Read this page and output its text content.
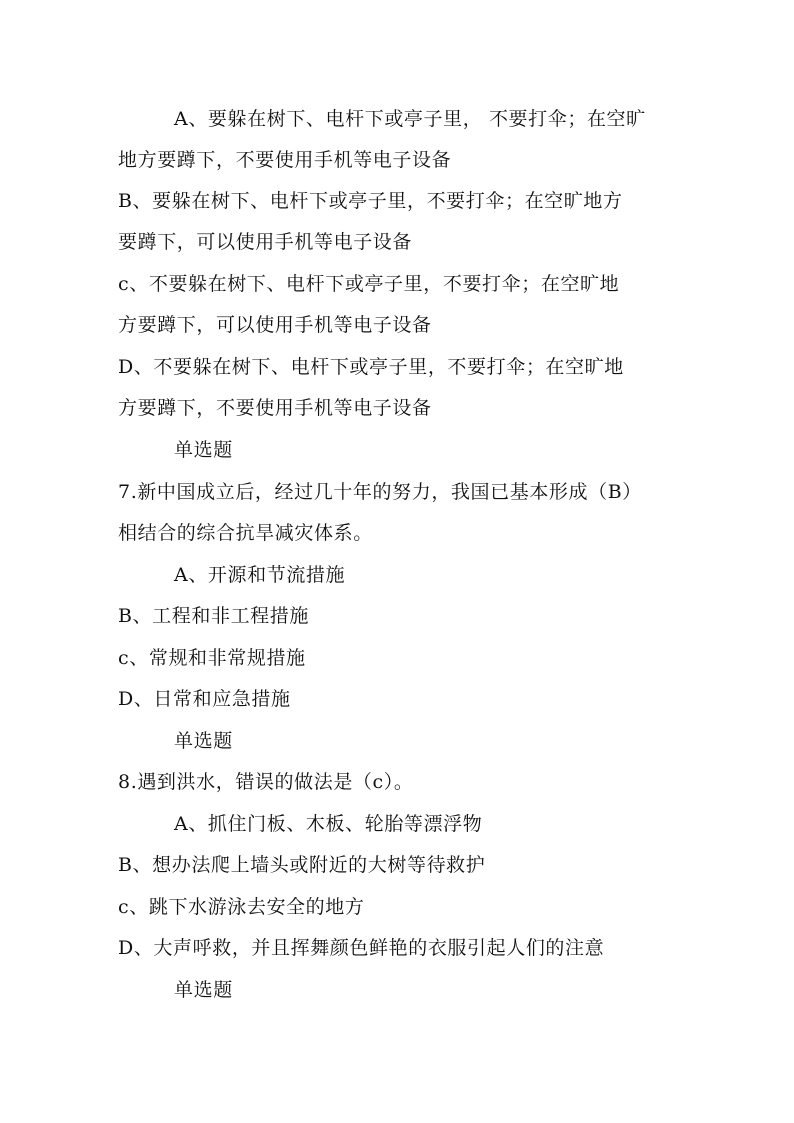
A、要躲在树下、电杆下或亭子里， 不要打伞；在空旷
地方要蹲下，不要使用手机等电子设备
B、要躲在树下、电杆下或亭子里，不要打伞；在空旷地方
要蹲下，可以使用手机等电子设备
c、不要躲在树下、电杆下或亭子里，不要打伞；在空旷地
方要蹲下，可以使用手机等电子设备
D、不要躲在树下、电杆下或亭子里，不要打伞；在空旷地
方要蹲下，不要使用手机等电子设备
单选题
7.新中国成立后，经过几十年的努力，我国已基本形成（B）
相结合的综合抗旱减灾体系。
A、开源和节流措施
B、工程和非工程措施
c、常规和非常规措施
D、日常和应急措施
单选题
8.遇到洪水，错误的做法是（c）。
A、抓住门板、木板、轮胎等漂浮物
B、想办法爬上墙头或附近的大树等待救护
c、跳下水游泳去安全的地方
D、大声呼救，并且挥舞颜色鲜艳的衣服引起人们的注意
单选题
